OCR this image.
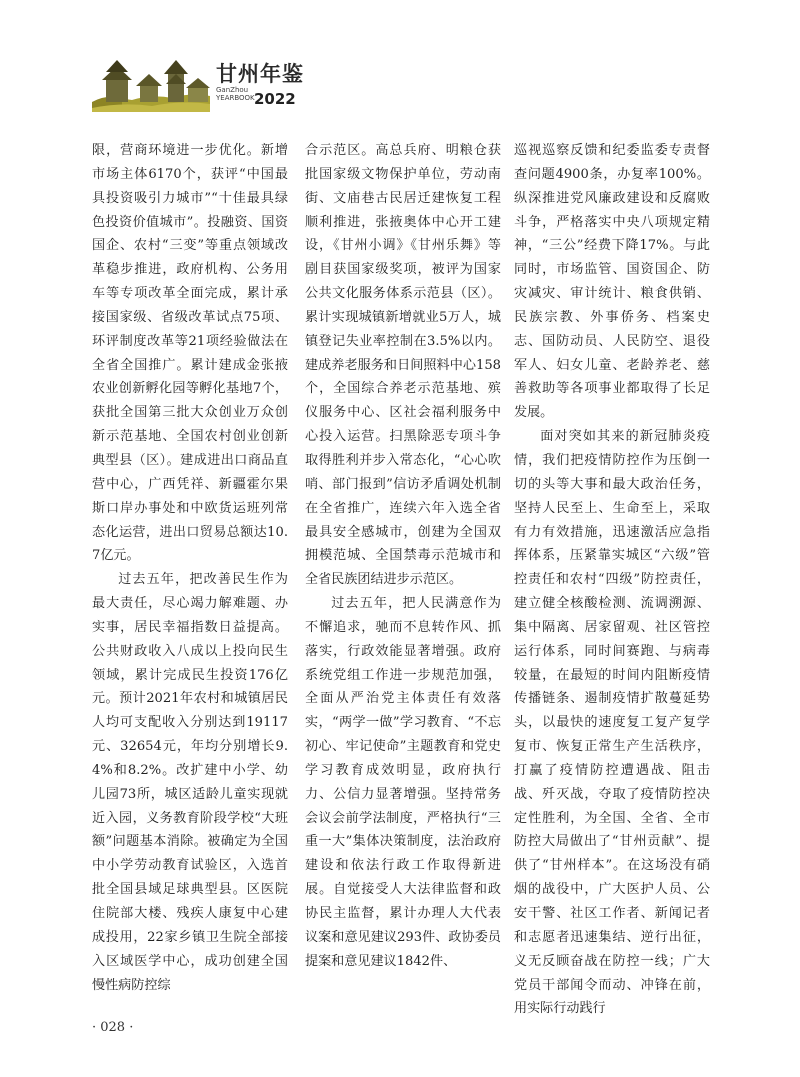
甘州年鉴
GanZhou
YEARBOOK 2022

限，营商环境进一步优化。新增市场主体6170个，获评“中国最具投资吸引力城市”“十佳最具绿色投资价值城市”。投融资、国资国企、农村“三变”等重点领域改革稳步推进，政府机构、公务用车等专项改革全面完成，累计承接国家级、省级改革试点75项、环评制度改革等21项经验做法在全省全国推广。累计建成金张掖农业创新孵化园等孵化基地7个，获批全国第三批大众创业万众创新示范基地、全国农村创业创新典型县（区）。建成进出口商品直营中心，广西凭祥、新疆霍尔果斯口岸办事处和中欧货运班列常态化运营，进出口贸易总额达10.7亿元。

过去五年，把改善民生作为最大责任，尽心竭力解难题、办实事，居民幸福指数日益提高。公共财政收入八成以上投向民生领域，累计完成民生投资176亿元。预计2021年农村和城镇居民人均可支配收入分别达到19117元、32654元，年均分别增长9.4%和8.2%。改扩建中小学、幼儿园73所，城区适龄儿童实现就近入园，义务教育阶段学校“大班额”问题基本消除。被确定为全国中小学劳动教育试验区，入选首批全国县域足球典型县。区医院住院部大楼、残疾人康复中心建成投用，22家乡镇卫生院全部接入区域医学中心，成功创建全国慢性病防控综

合示范区。高总兵府、明粮仓获批国家级文物保护单位，劳动南街、文庙巷古民居迁建恢复工程顺利推进，张掖奥体中心开工建设，《甘州小调》《甘州乐舞》等剧目获国家级奖项，被评为国家公共文化服务体系示范县（区）。累计实现城镇新增就业5万人，城镇登记失业率控制在3.5%以内。建成养老服务和日间照料中心158个，全国综合养老示范基地、殡仪服务中心、区社会福利服务中心投入运营。扫黑除恶专项斗争取得胜利并步入常态化，“心心吹哨、部门报到”信访矛盾调处机制在全省推广，连续六年入选全省最具安全感城市，创建为全国双拥模范城、全国禁毒示范城市和全省民族团结进步示范区。

过去五年，把人民满意作为不懈追求，驰而不息转作风、抓落实，行政效能显著增强。政府系统党组工作进一步规范加强，全面从严治党主体责任有效落实，“两学一做”学习教育、“不忘初心、牢记使命”主题教育和党史学习教育成效明显，政府执行力、公信力显著增强。坚持常务会议会前学法制度，严格执行“三重一大”集体决策制度，法治政府建设和依法行政工作取得新进展。自觉接受人大法律监督和政协民主监督，累计办理人大代表议案和意见建议293件、政协委员提案和意见建议1842件、

巡视巡察反馈和纪委监委专责督查问题4900条，办复率100%。纵深推进党风廉政建设和反腐败斗争，严格落实中央八项规定精神，“三公”经费下降17%。与此同时，市场监管、国资国企、防灾减灾、审计统计、粮食供销、民族宗教、外事侨务、档案史志、国防动员、人民防空、退役军人、妇女儿童、老龄养老、慈善救助等各项事业都取得了长足发展。

面对突如其来的新冠肺炎疫情，我们把疫情防控作为压倒一切的头等大事和最大政治任务，坚持人民至上、生命至上，采取有力有效措施，迅速激活应急指挥体系，压紧靠实城区“六级”管控责任和农村“四级”防控责任，建立健全核酸检测、流调溯源、集中隔离、居家留观、社区管控运行体系，同时间赛跑、与病毒较量，在最短的时间内阻断疫情传播链条、遏制疫情扩散蔓延势头，以最快的速度复工复产复学复市、恢复正常生产生活秩序，打赢了疫情防控遭遇战、阻击战、歼灭战，夺取了疫情防控决定性胜利，为全国、全省、全市防控大局做出了“甘州贡献”、提供了“甘州样本”。在这场没有硝烟的战役中，广大医护人员、公安干警、社区工作者、新闻记者和志愿者迅速集结、逆行出征，义无反顾奋战在防控一线；广大党员干部闻令而动、冲锋在前，用实际行动践行

· 028 ·
